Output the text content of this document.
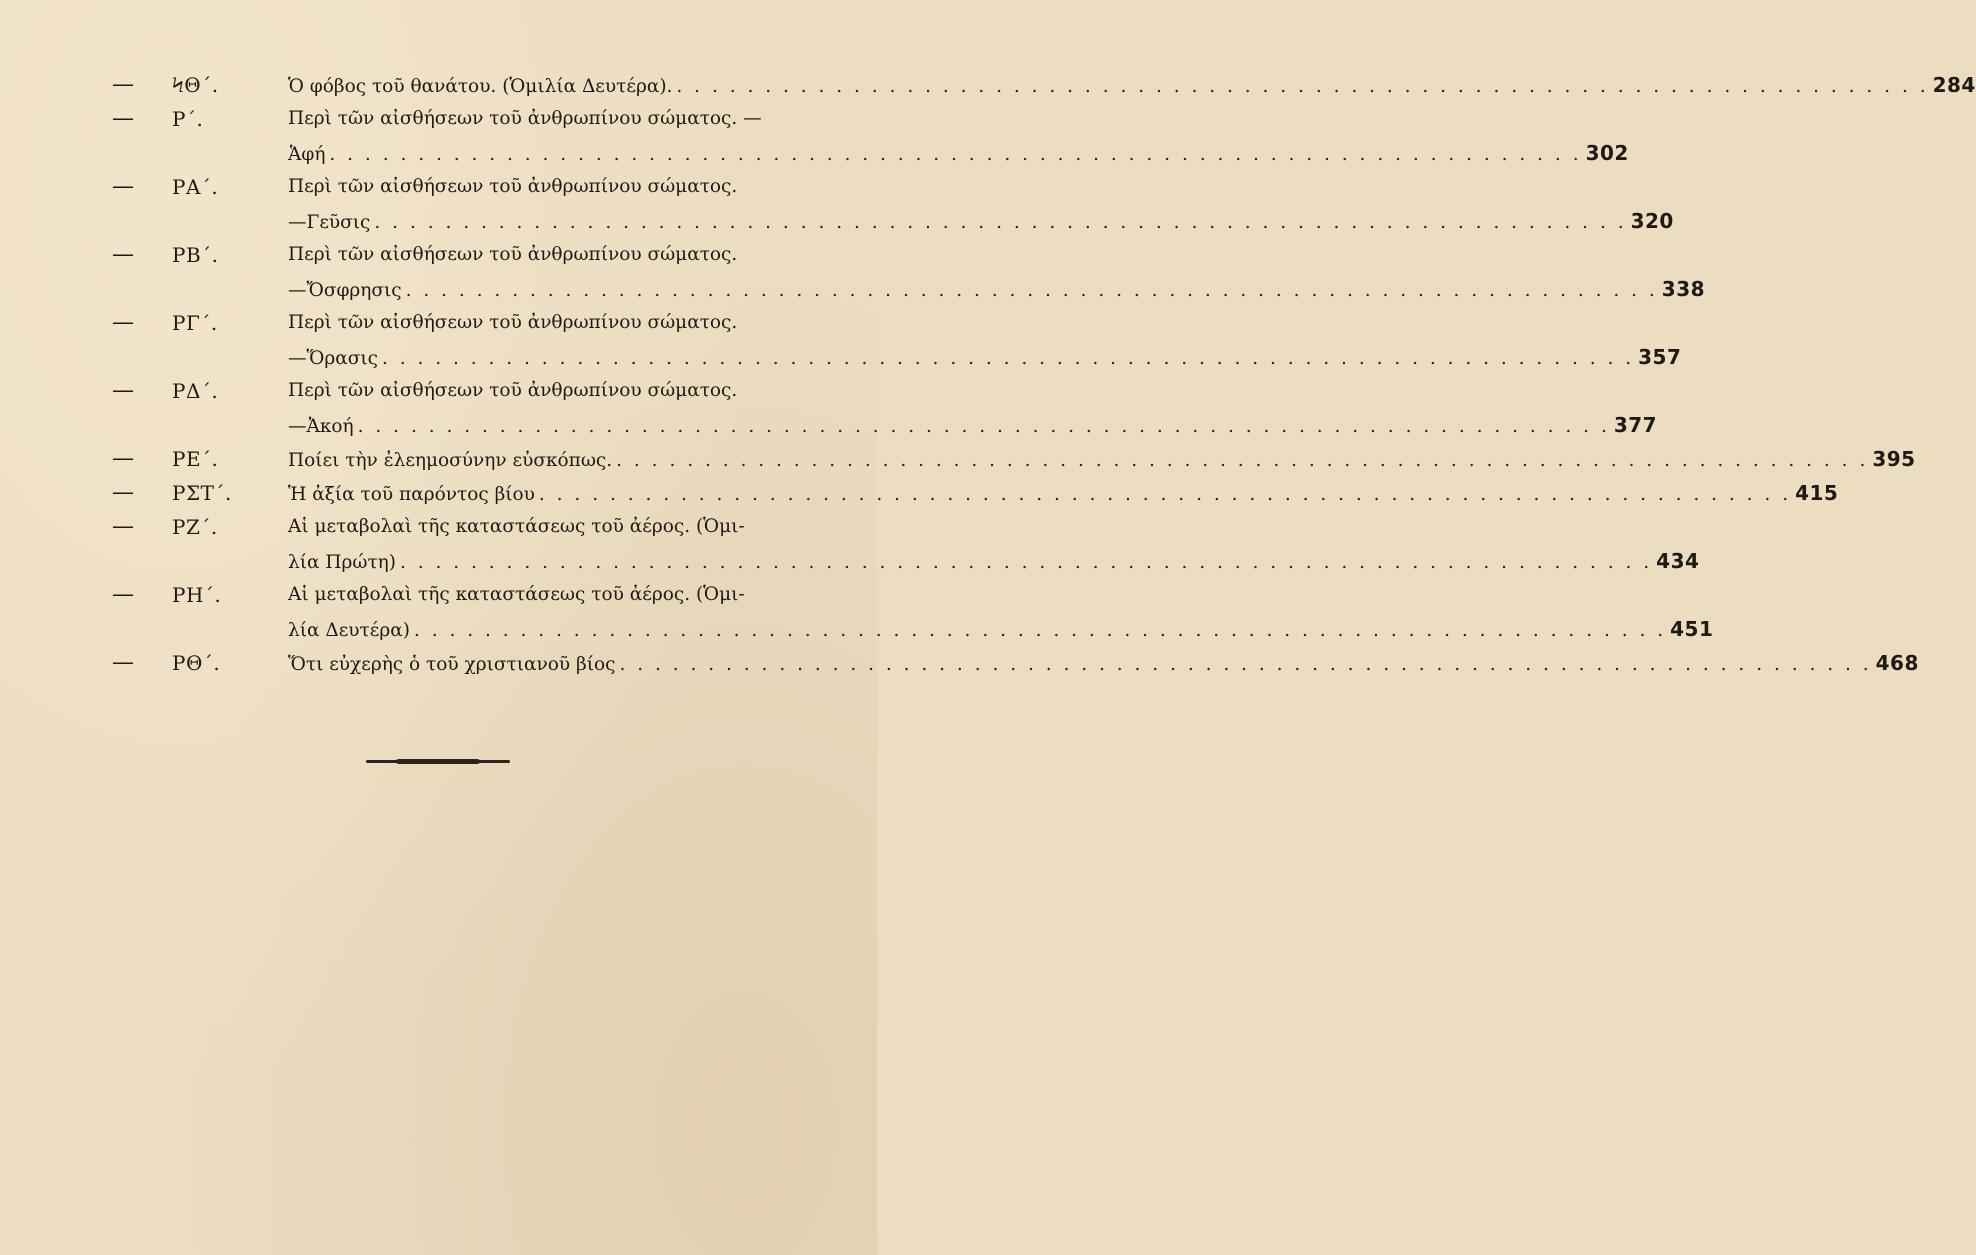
—	ϞΘ΄.	Ὁ φόβος τοῦ θανάτου. (Ὁμιλία Δευτέρα). . . .	284
—	Ρ΄.	Περὶ τῶν αἰσθήσεων τοῦ ἀνθρωπίνου σώματος. —
Ἁφή . . .	302
—	ΡΑ΄.	Περὶ τῶν αἰσθήσεων τοῦ ἀνθρωπίνου σώματος.
—Γεῦσις . . .	320
—	ΡΒ΄.	Περὶ τῶν αἰσθήσεων τοῦ ἀνθρωπίνου σώματος.
—Ὄσφρησις . . .	338
—	ΡΓ΄.	Περὶ τῶν αἰσθήσεων τοῦ ἀνθρωπίνου σώματος.
—Ὅρασις . . .	357
—	ΡΔ΄.	Περὶ τῶν αἰσθήσεων τοῦ ἀνθρωπίνου σώματος.
—Ἀκοή . . .	377
—	ΡΕ΄.	Ποίει τὴν ἐλεημοσύνην εὐσκόπως. . . .	395
—	ΡΣΤ΄.	Ἡ ἀξία τοῦ παρόντος βίου . . .	415
—	ΡΖ΄.	Αἱ μεταβολαὶ τῆς καταστάσεως τοῦ ἀέρος. (Ὁμι-
λία Πρώτη) . . .	434
—	ΡΗ΄.	Αἱ μεταβολαὶ τῆς καταστάσεως τοῦ ἀέρος. (Ὁμι-
λία Δευτέρα) . . .	451
—	ΡΘ΄.	Ὅτι εὐχερὴς ὁ τοῦ χριστιανοῦ βίος . . .	468
